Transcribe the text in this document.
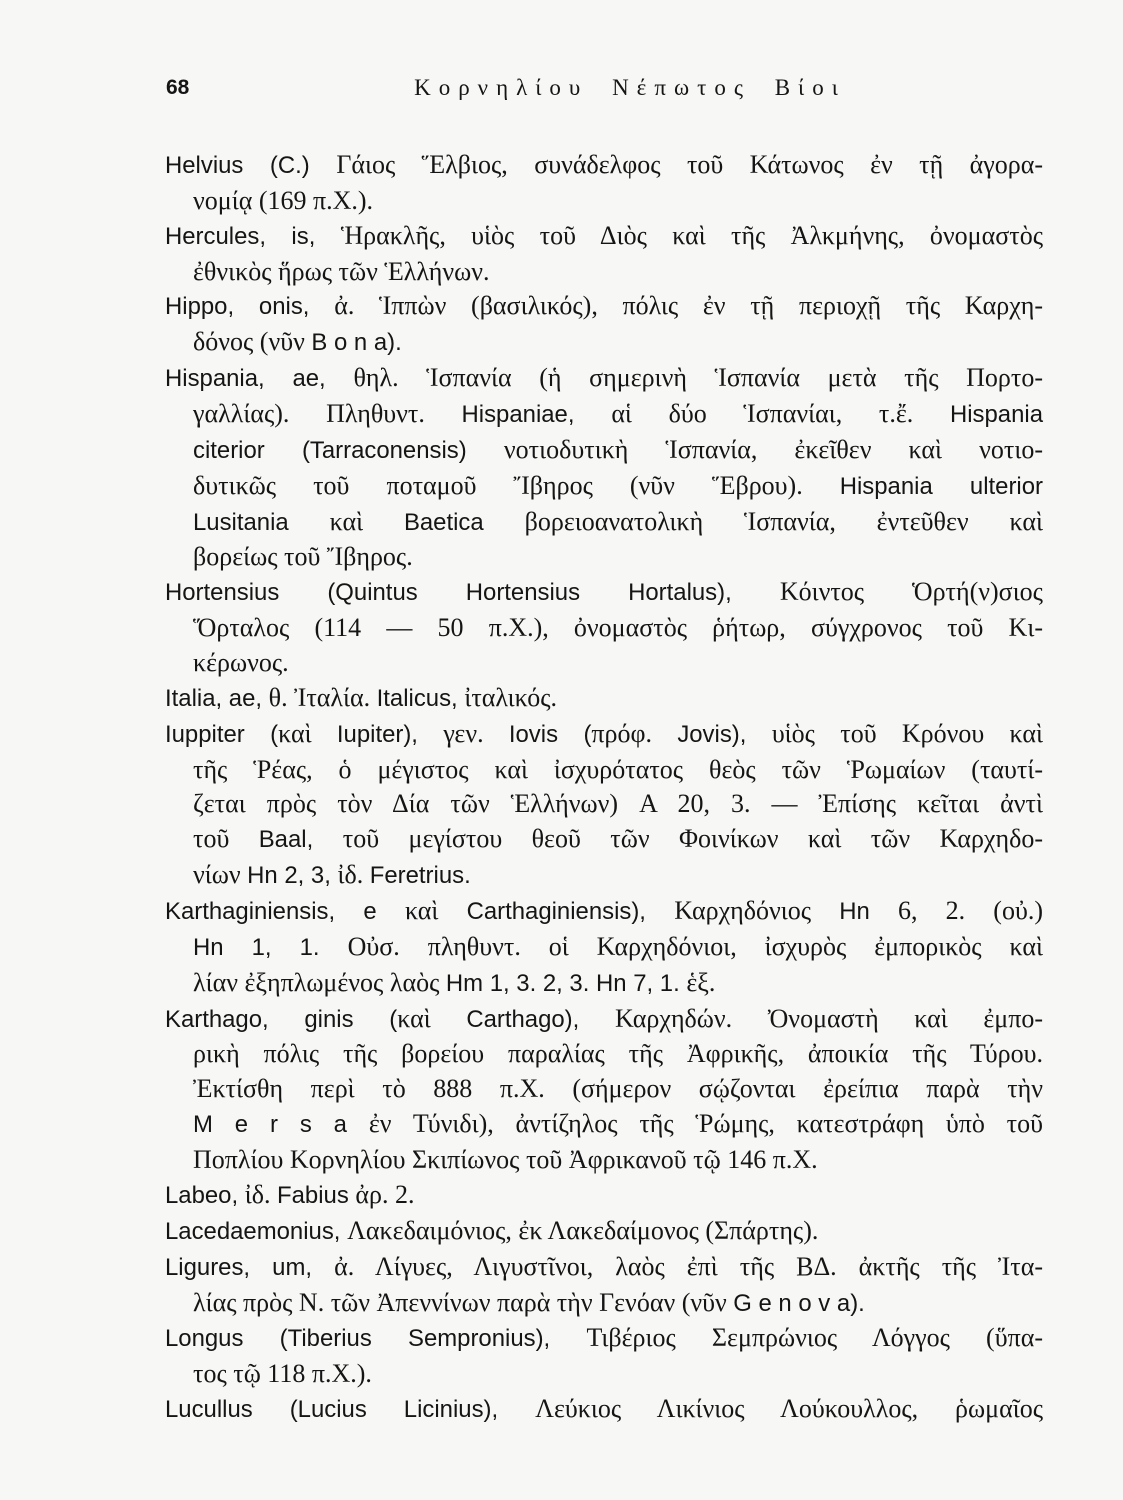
68	Κορνηλίου Νέπωτος Βίοι
Helvius (C.) Γάιος Ἕλβιος, συνάδελφος τοῦ Κάτωνος ἐν τῇ ἀγορα-
νομίᾳ (169 π.Χ.).
Hercules, is, Ἡρακλῆς, υἱὸς τοῦ Διὸς καὶ τῆς Ἀλκμήνης, ὀνομαστὸς
ἐθνικὸς ἥρως τῶν Ἑλλήνων.
Hippo, onis, ἀ. Ἱππὼν (βασιλικός), πόλις ἐν τῇ περιοχῇ τῆς Καρχη-
δόνος (νῦν B o n a).
Hispania, ae, θηλ. Ἱσπανία (ἡ σημερινὴ Ἱσπανία μετὰ τῆς Πορτο-
γαλλίας). Πληθυντ. Hispaniae, αἱ δύο Ἱσπανίαι, τ.ἔ. Hispania
citerior (Tarraconensis) νοτιοδυτικὴ Ἱσπανία, ἐκεῖθεν καὶ νοτιο-
δυτικῶς τοῦ ποταμοῦ Ἴβηρος (νῦν Ἕβρου). Hispania ulterior
Lusitania καὶ Baetica βορειοανατολικὴ Ἱσπανία, ἐντεῦθεν καὶ
βορείως τοῦ Ἴβηρος.
Hortensius (Quintus Hortensius Hortalus), Κόιντος Ὁρτή(ν)σιος
Ὅρταλος (114 — 50 π.Χ.), ὀνομαστὸς ῥήτωρ, σύγχρονος τοῦ Κι-
κέρωνος.
Italia, ae, θ. Ἰταλία. Italicus, ἰταλικός.
Iuppiter (καὶ Iupiter), γεν. Iovis (πρόφ. Jovis), υἱὸς τοῦ Κρόνου καὶ
τῆς Ῥέας, ὁ μέγιστος καὶ ἰσχυρότατος θεὸς τῶν Ῥωμαίων (ταυτί-
ζεται πρὸς τὸν Δία τῶν Ἑλλήνων) A 20, 3. — Ἐπίσης κεῖται ἀντὶ
τοῦ Baal, τοῦ μεγίστου θεοῦ τῶν Φοινίκων καὶ τῶν Καρχηδο-
νίων Hn 2, 3, ἰδ. Feretrius.
Karthaginiensis, e καὶ Carthaginiensis), Καρχηδόνιος Hn 6, 2. (οὐ.)
Hn 1, 1. Οὐσ. πληθυντ. οἱ Καρχηδόνιοι, ἰσχυρὸς ἐμπορικὸς καὶ
λίαν ἐξηπλωμένος λαὸς Hm 1, 3. 2, 3. Hn 7, 1. ἑξ.
Karthago, ginis (καὶ Carthago), Καρχηδών. Ὀνομαστὴ καὶ ἐμπο-
ρικὴ πόλις τῆς βορείου παραλίας τῆς Ἀφρικῆς, ἀποικία τῆς Τύρου.
Ἐκτίσθη περὶ τὸ 888 π.Χ. (σήμερον σῴζονται ἐρείπια παρὰ τὴν
M e r s a ἐν Τύνιδι), ἀντίζηλος τῆς Ῥώμης, κατεστράφη ὑπὸ τοῦ
Ποπλίου Κορνηλίου Σκιπίωνος τοῦ Ἀφρικανοῦ τῷ 146 π.Χ.
Labeo, ἰδ. Fabius ἀρ. 2.
Lacedaemonius, Λακεδαιμόνιος, ἐκ Λακεδαίμονος (Σπάρτης).
Ligures, um, ἀ. Λίγυες, Λιγυστῖνοι, λαὸς ἐπὶ τῆς ΒΔ. ἀκτῆς τῆς Ἰτα-
λίας πρὸς Ν. τῶν Ἀπεννίνων παρὰ τὴν Γενόαν (νῦν G e n o v a).
Longus (Tiberius Sempronius), Τιβέριος Σεμπρώνιος Λόγγος (ὕπα-
τος τῷ 118 π.Χ.).
Lucullus (Lucius Licinius), Λεύκιος Λικίνιος Λούκουλλος, ῥωμαῖος
